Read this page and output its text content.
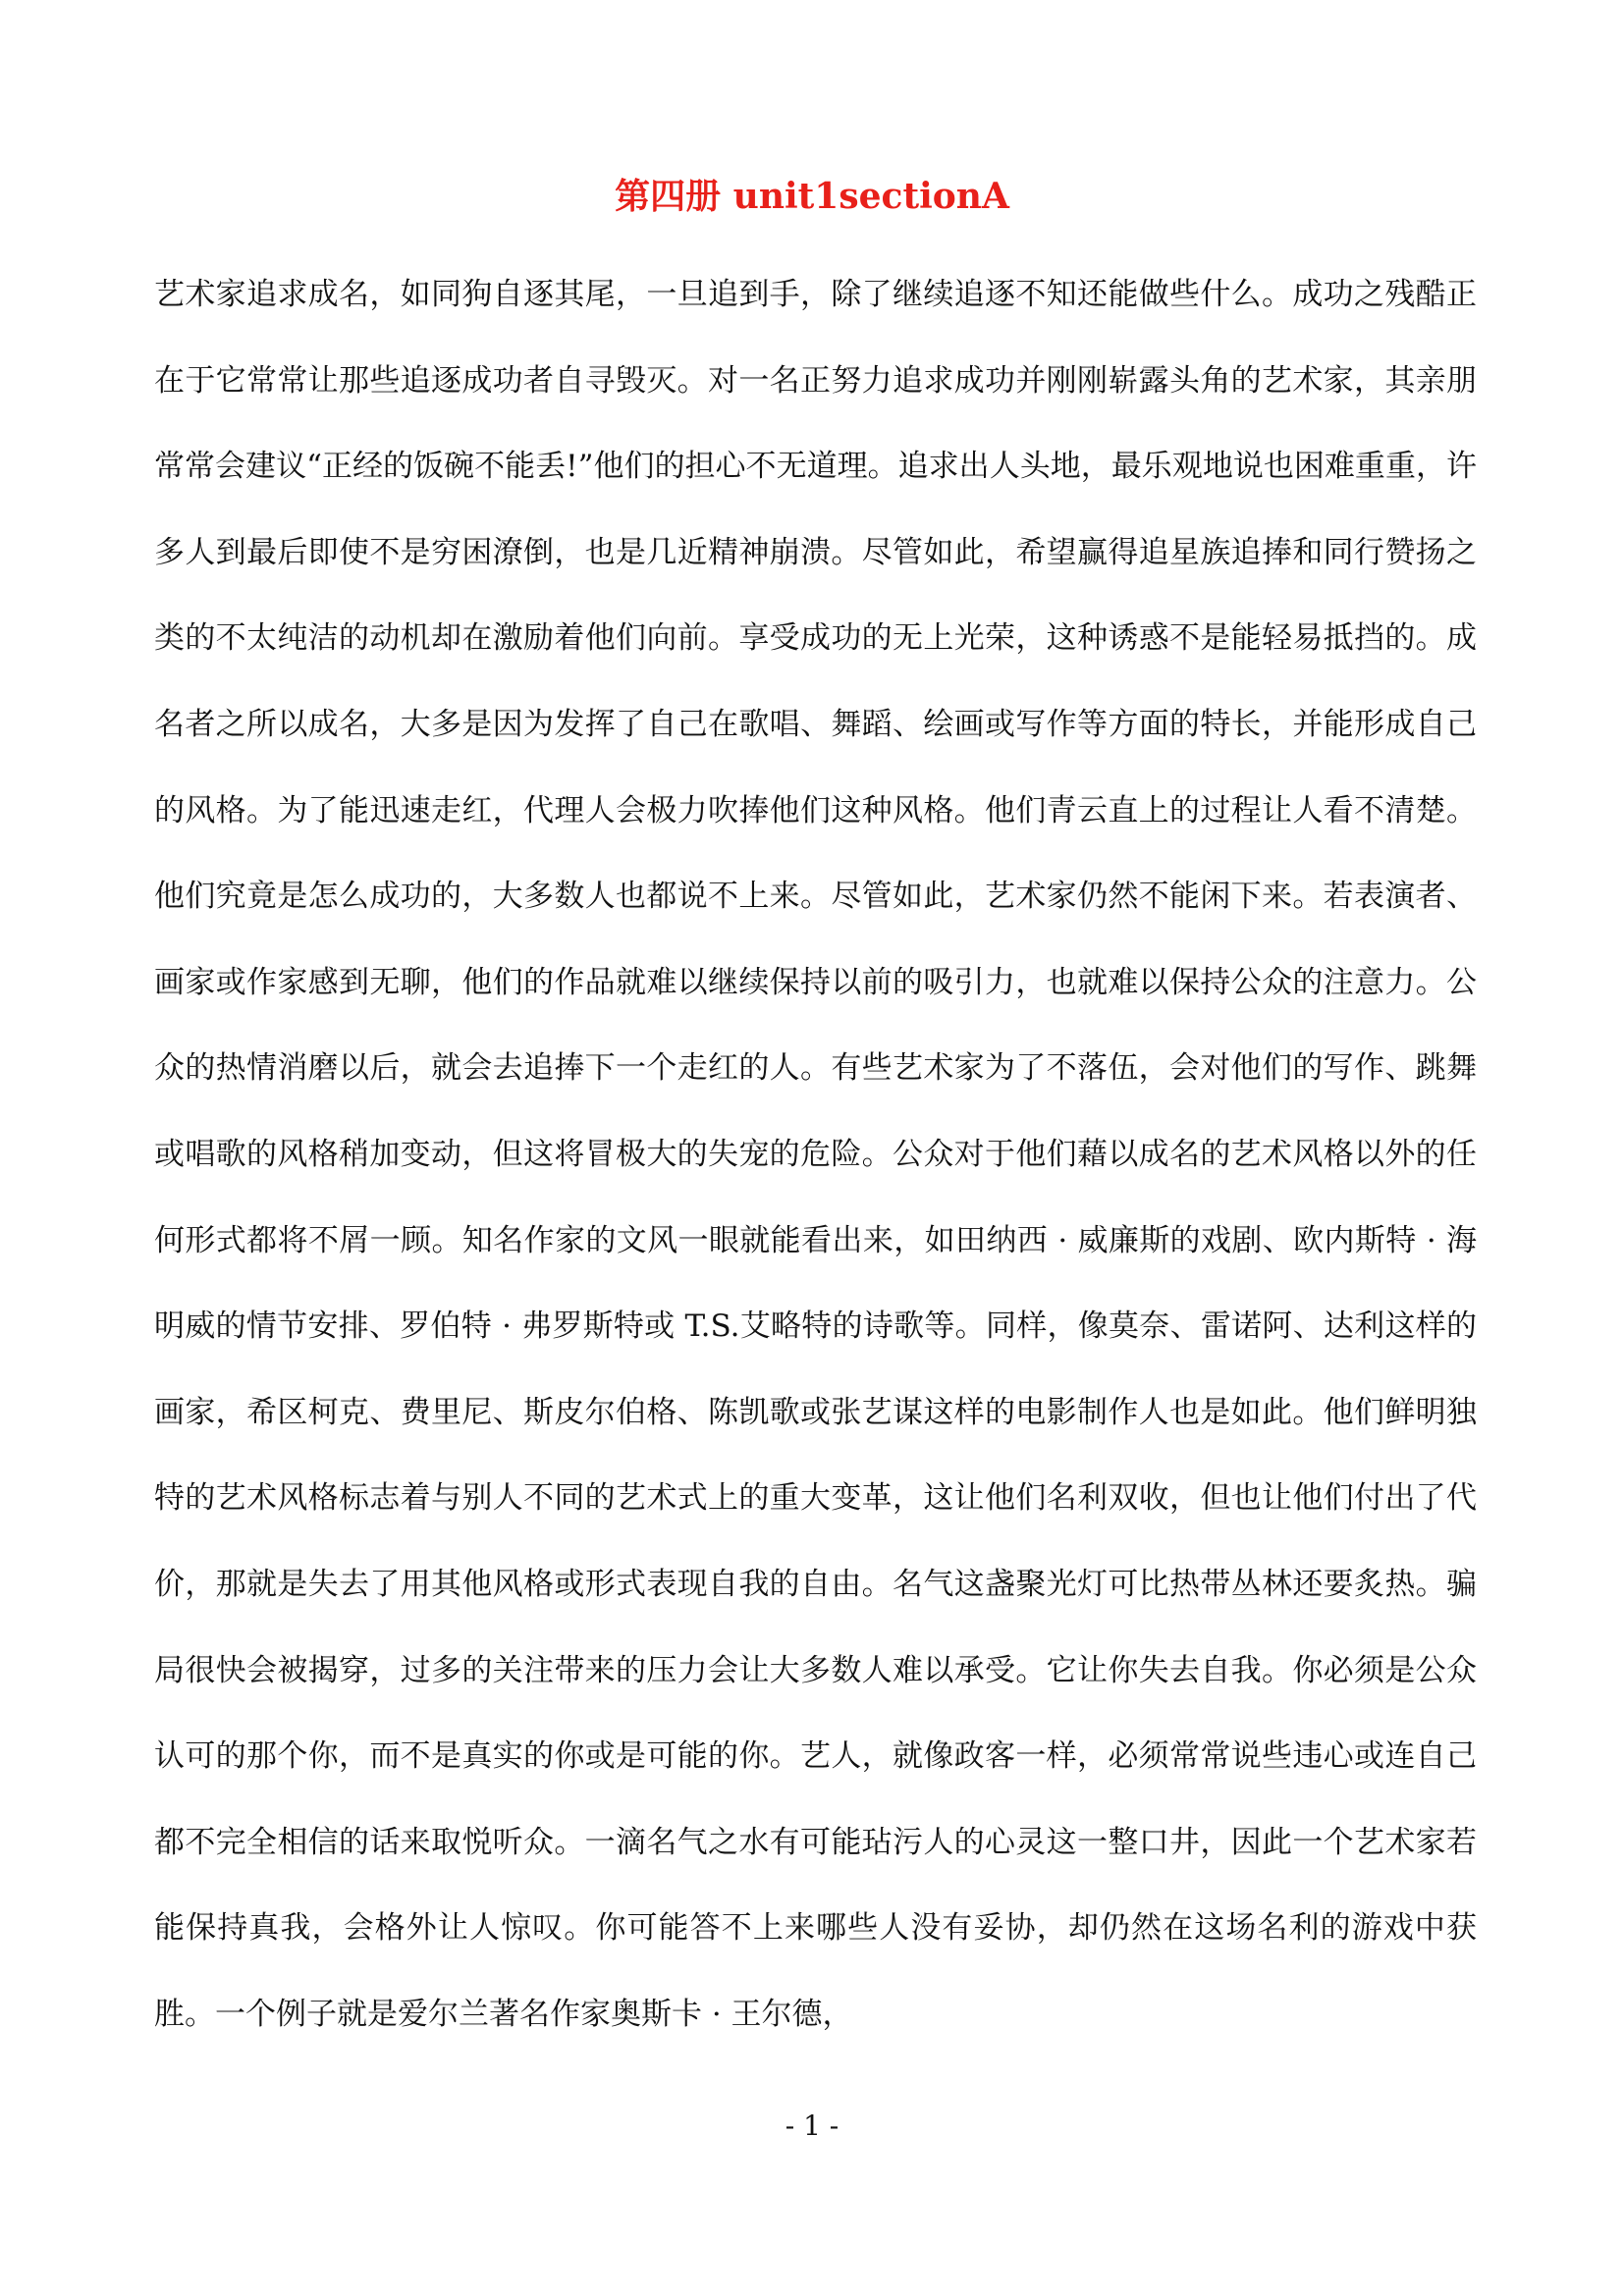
第四册 unit1sectionA

艺术家追求成名，如同狗自逐其尾，一旦追到手，除了继续追逐不知还能做些什么。成功之残酷正在于它常常让那些追逐成功者自寻毁灭。对一名正努力追求成功并刚刚崭露头角的艺术家，其亲朋常常会建议“正经的饭碗不能丢!”他们的担心不无道理。追求出人头地，最乐观地说也困难重重，许多人到最后即使不是穷困潦倒，也是几近精神崩溃。尽管如此，希望赢得追星族追捧和同行赞扬之类的不太纯洁的动机却在激励着他们向前。享受成功的无上光荣，这种诱惑不是能轻易抵挡的。成名者之所以成名，大多是因为发挥了自己在歌唱、舞蹈、绘画或写作等方面的特长，并能形成自己的风格。为了能迅速走红，代理人会极力吹捧他们这种风格。他们青云直上的过程让人看不清楚。他们究竟是怎么成功的，大多数人也都说不上来。尽管如此，艺术家仍然不能闲下来。若表演者、画家或作家感到无聊，他们的作品就难以继续保持以前的吸引力，也就难以保持公众的注意力。公众的热情消磨以后，就会去追捧下一个走红的人。有些艺术家为了不落伍，会对他们的写作、跳舞或唱歌的风格稍加变动，但这将冒极大的失宠的危险。公众对于他们藉以成名的艺术风格以外的任何形式都将不屑一顾。知名作家的文风一眼就能看出来，如田纳西 · 威廉斯的戏剧、欧内斯特 · 海明威的情节安排、罗伯特 · 弗罗斯特或 T.S.艾略特的诗歌等。同样，像莫奈、雷诺阿、达利这样的画家，希区柯克、费里尼、斯皮尔伯格、陈凯歌或张艺谋这样的电影制作人也是如此。他们鲜明独特的艺术风格标志着与别人不同的艺术式上的重大变革，这让他们名利双收，但也让他们付出了代价，那就是失去了用其他风格或形式表现自我的自由。名气这盏聚光灯可比热带丛林还要炙热。骗局很快会被揭穿，过多的关注带来的压力会让大多数人难以承受。它让你失去自我。你必须是公众认可的那个你，而不是真实的你或是可能的你。艺人，就像政客一样，必须常常说些违心或连自己都不完全相信的话来取悦听众。一滴名气之水有可能玷污人的心灵这一整口井，因此一个艺术家若能保持真我，会格外让人惊叹。你可能答不上来哪些人没有妥协，却仍然在这场名利的游戏中获胜。一个例子就是爱尔兰著名作家奥斯卡 · 王尔德，

- 1 -
